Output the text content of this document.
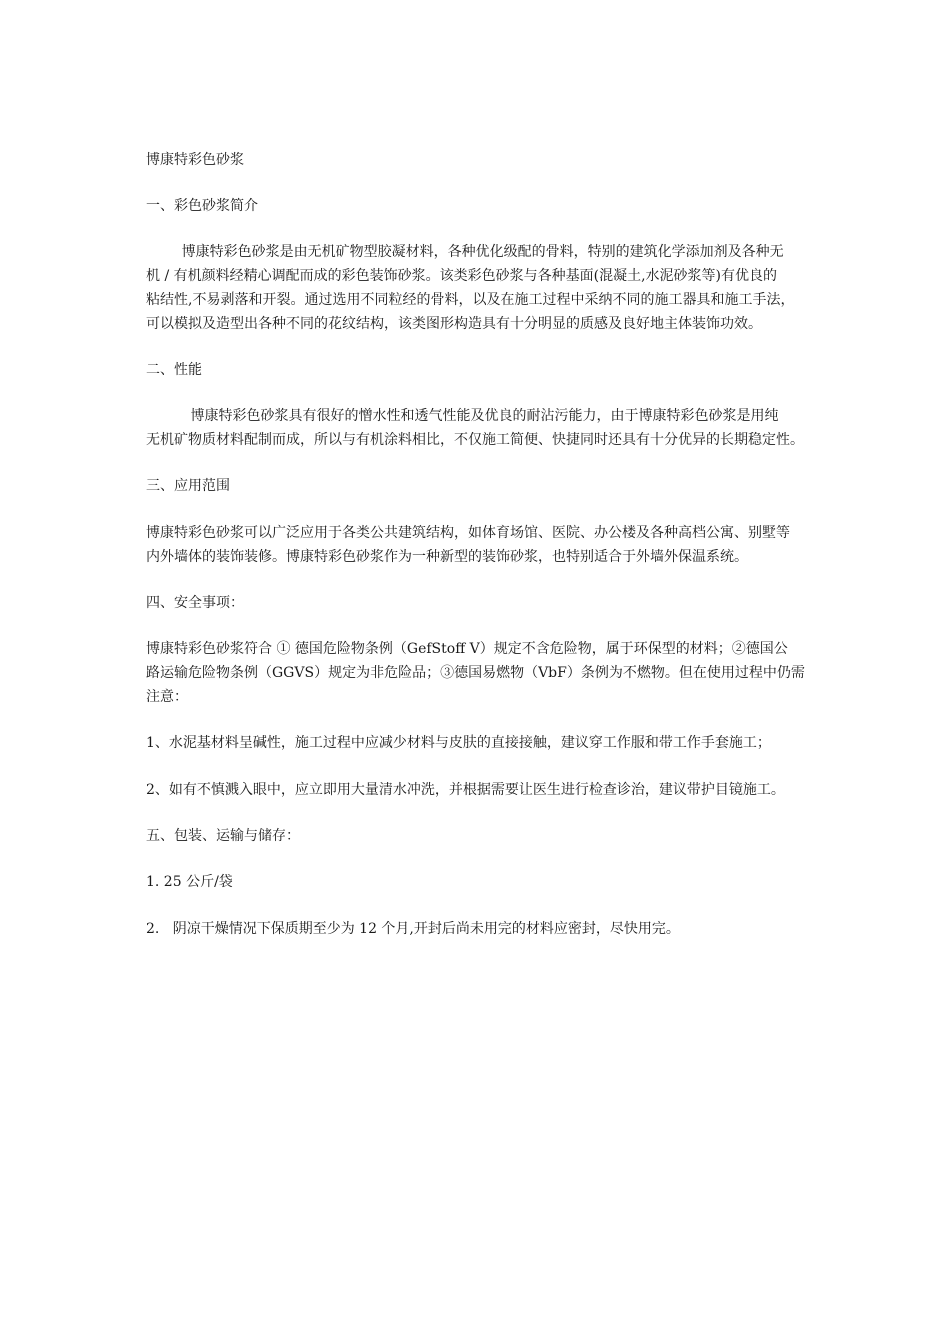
博康特彩色砂浆

一、彩色砂浆简介

博康特彩色砂浆是由无机矿物型胶凝材料，各种优化级配的骨料，特别的建筑化学添加剂及各种无

机 / 有机颜料经精心调配而成的彩色装饰砂浆。该类彩色砂浆与各种基面(混凝土,水泥砂浆等)有优良的

粘结性,不易剥落和开裂。通过选用不同粒经的骨料，以及在施工过程中采纳不同的施工器具和施工手法，

可以模拟及造型出各种不同的花纹结构，该类图形构造具有十分明显的质感及良好地主体装饰功效。

二、性能

博康特彩色砂浆具有很好的憎水性和透气性能及优良的耐沾污能力，由于博康特彩色砂浆是用纯

无机矿物质材料配制而成，所以与有机涂料相比，不仅施工简便、快捷同时还具有十分优异的长期稳定性。

三、应用范围

博康特彩色砂浆可以广泛应用于各类公共建筑结构，如体育场馆、医院、办公楼及各种高档公寓、别墅等

内外墙体的装饰装修。博康特彩色砂浆作为一种新型的装饰砂浆，也特别适合于外墙外保温系统。

四、安全事项：

博康特彩色砂浆符合 ① 德国危险物条例（GefStoff V）规定不含危险物，属于环保型的材料；②德国公

路运输危险物条例（GGVS）规定为非危险品；③德国易燃物（VbF）条例为不燃物。但在使用过程中仍需

注意：

1、水泥基材料呈碱性，施工过程中应减少材料与皮肤的直接接触，建议穿工作服和带工作手套施工；

2、如有不慎溅入眼中，应立即用大量清水冲洗，并根据需要让医生进行检查诊治，建议带护目镜施工。

五、包装、运输与储存：

1. 25 公斤/袋

2.   阴凉干燥情况下保质期至少为 12 个月,开封后尚未用完的材料应密封，尽快用完。
